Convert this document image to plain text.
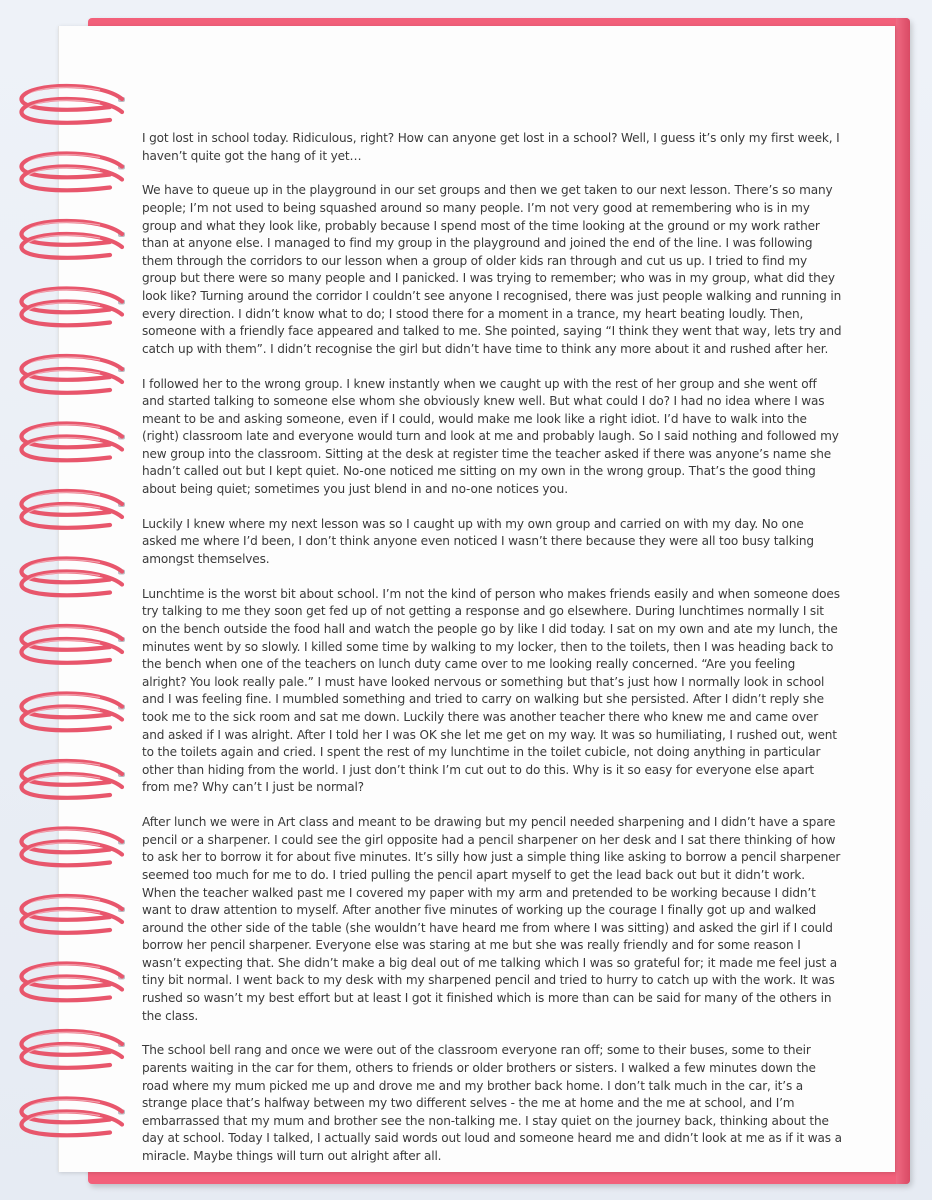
I got lost in school today. Ridiculous, right? How can anyone get lost in a school? Well, I guess it’s only my first week, I haven’t quite got the hang of it yet…

We have to queue up in the playground in our set groups and then we get taken to our next lesson. There’s so many people; I’m not used to being squashed around so many people. I’m not very good at remembering who is in my group and what they look like, probably because I spend most of the time looking at the ground or my work rather than at anyone else. I managed to find my group in the playground and joined the end of the line. I was following them through the corridors to our lesson when a group of older kids ran through and cut us up. I tried to find my group but there were so many people and I panicked. I was trying to remember; who was in my group, what did they look like? Turning around the corridor I couldn’t see anyone I recognised, there was just people walking and running in every direction. I didn’t know what to do; I stood there for a moment in a trance, my heart beating loudly. Then, someone with a friendly face appeared and talked to me. She pointed, saying “I think they went that way, lets try and catch up with them”. I didn’t recognise the girl but didn’t have time to think any more about it and rushed after her.

I followed her to the wrong group. I knew instantly when we caught up with the rest of her group and she went off and started talking to someone else whom she obviously knew well. But what could I do? I had no idea where I was meant to be and asking someone, even if I could, would make me look like a right idiot. I’d have to walk into the (right) classroom late and everyone would turn and look at me and probably laugh. So I said nothing and followed my new group into the classroom. Sitting at the desk at register time the teacher asked if there was anyone’s name she hadn’t called out but I kept quiet. No-one noticed me sitting on my own in the wrong group. That’s the good thing about being quiet; sometimes you just blend in and no-one notices you.

Luckily I knew where my next lesson was so I caught up with my own group and carried on with my day. No one asked me where I’d been, I don’t think anyone even noticed I wasn’t there because they were all too busy talking amongst themselves.

Lunchtime is the worst bit about school. I’m not the kind of person who makes friends easily and when someone does try talking to me they soon get fed up of not getting a response and go elsewhere. During lunchtimes normally I sit on the bench outside the food hall and watch the people go by like I did today. I sat on my own and ate my lunch, the minutes went by so slowly. I killed some time by walking to my locker, then to the toilets, then I was heading back to the bench when one of the teachers on lunch duty came over to me looking really concerned. “Are you feeling alright? You look really pale.” I must have looked nervous or something but that’s just how I normally look in school and I was feeling fine. I mumbled something and tried to carry on walking but she persisted. After I didn’t reply she took me to the sick room and sat me down. Luckily there was another teacher there who knew me and came over and asked if I was alright. After I told her I was OK she let me get on my way. It was so humiliating, I rushed out, went to the toilets again and cried. I spent the rest of my lunchtime in the toilet cubicle, not doing anything in particular other than hiding from the world. I just don’t think I’m cut out to do this. Why is it so easy for everyone else apart from me? Why can’t I just be normal?

After lunch we were in Art class and meant to be drawing but my pencil needed sharpening and I didn’t have a spare pencil or a sharpener. I could see the girl opposite had a pencil sharpener on her desk and I sat there thinking of how to ask her to borrow it for about five minutes. It’s silly how just a simple thing like asking to borrow a pencil sharpener seemed too much for me to do. I tried pulling the pencil apart myself to get the lead back out but it didn’t work. When the teacher walked past me I covered my paper with my arm and pretended to be working because I didn’t want to draw attention to myself. After another five minutes of working up the courage I finally got up and walked around the other side of the table (she wouldn’t have heard me from where I was sitting) and asked the girl if I could borrow her pencil sharpener. Everyone else was staring at me but she was really friendly and for some reason I wasn’t expecting that. She didn’t make a big deal out of me talking which I was so grateful for; it made me feel just a tiny bit normal. I went back to my desk with my sharpened pencil and tried to hurry to catch up with the work. It was rushed so wasn’t my best effort but at least I got it finished which is more than can be said for many of the others in the class.

The school bell rang and once we were out of the classroom everyone ran off; some to their buses, some to their parents waiting in the car for them, others to friends or older brothers or sisters. I walked a few minutes down the road where my mum picked me up and drove me and my brother back home. I don’t talk much in the car, it’s a strange place that’s halfway between my two different selves - the me at home and the me at school, and I’m embarrassed that my mum and brother see the non-talking me. I stay quiet on the journey back, thinking about the day at school. Today I talked, I actually said words out loud and someone heard me and didn’t look at me as if it was a miracle. Maybe things will turn out alright after all.
